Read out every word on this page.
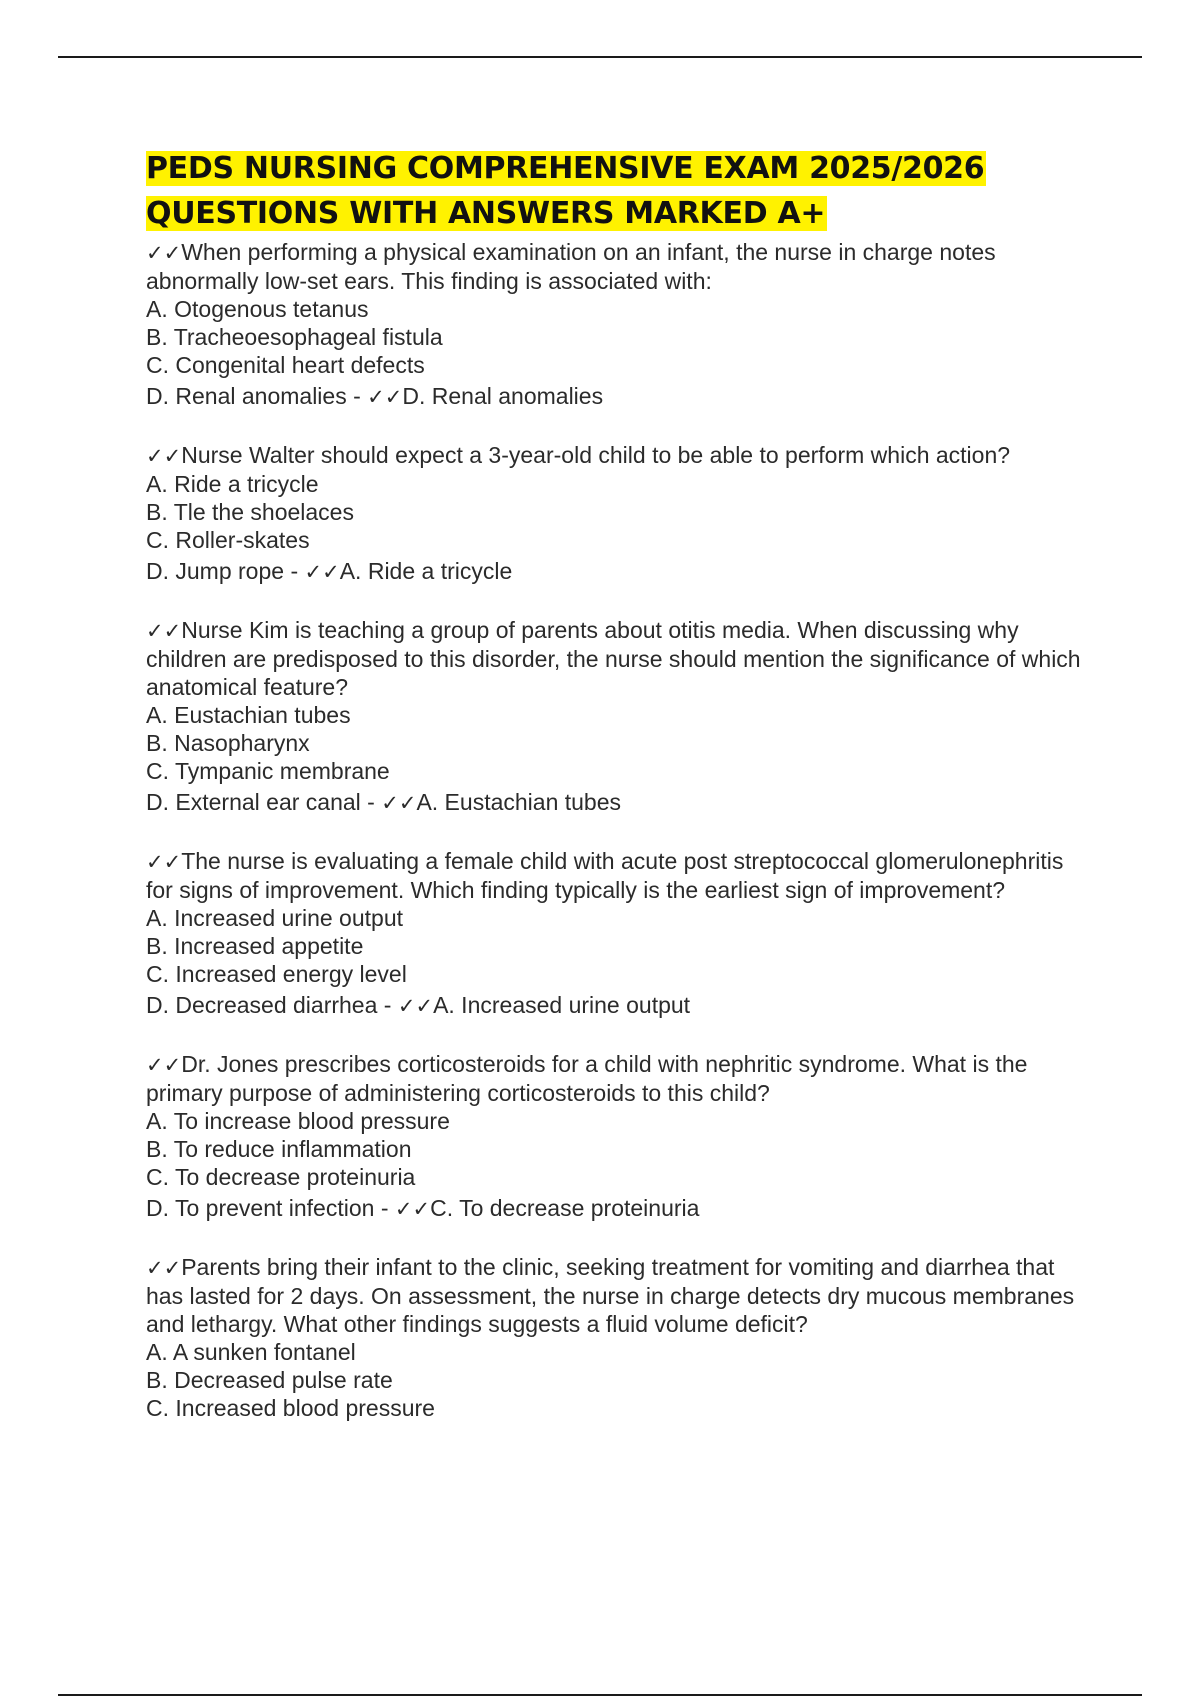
PEDS NURSING COMPREHENSIVE EXAM 2025/2026
QUESTIONS WITH ANSWERS MARKED A+

✓✓When performing a physical examination on an infant, the nurse in charge notes abnormally low-set ears. This finding is associated with:

A. Otogenous tetanus

B. Tracheoesophageal fistula

C. Congenital heart defects

D. Renal anomalies - ✓✓D. Renal anomalies

✓✓Nurse Walter should expect a 3-year-old child to be able to perform which action?

A. Ride a tricycle

B. Tle the shoelaces

C. Roller-skates

D. Jump rope - ✓✓A. Ride a tricycle

✓✓Nurse Kim is teaching a group of parents about otitis media. When discussing why children are predisposed to this disorder, the nurse should mention the significance of which anatomical feature?

A. Eustachian tubes

B. Nasopharynx

C. Tympanic membrane

D. External ear canal - ✓✓A. Eustachian tubes

✓✓The nurse is evaluating a female child with acute post streptococcal glomerulonephritis for signs of improvement. Which finding typically is the earliest sign of improvement?

A. Increased urine output

B. Increased appetite

C. Increased energy level

D. Decreased diarrhea - ✓✓A. Increased urine output

✓✓Dr. Jones prescribes corticosteroids for a child with nephritic syndrome. What is the primary purpose of administering corticosteroids to this child?

A. To increase blood pressure

B. To reduce inflammation

C. To decrease proteinuria

D. To prevent infection - ✓✓C. To decrease proteinuria

✓✓Parents bring their infant to the clinic, seeking treatment for vomiting and diarrhea that has lasted for 2 days. On assessment, the nurse in charge detects dry mucous membranes and lethargy. What other findings suggests a fluid volume deficit?

A. A sunken fontanel

B. Decreased pulse rate

C. Increased blood pressure
